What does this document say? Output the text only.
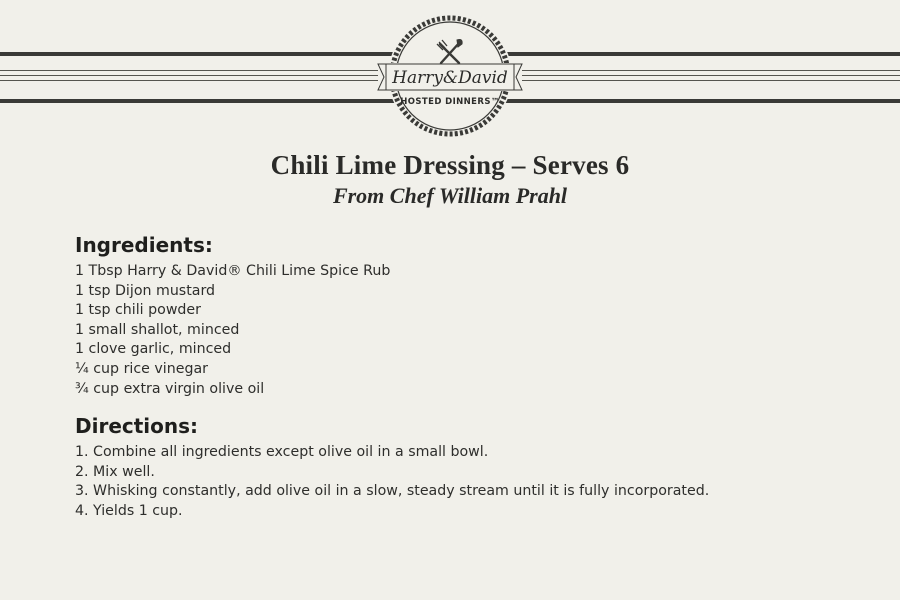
Harry&David
HOSTED DINNERS™
Chili Lime Dressing – Serves 6
From Chef William Prahl
Ingredients:
1 Tbsp Harry & David® Chili Lime Spice Rub
1 tsp Dijon mustard
1 tsp chili powder
1 small shallot, minced
1 clove garlic, minced
¼ cup rice vinegar
¾ cup extra virgin olive oil
Directions:
1. Combine all ingredients except olive oil in a small bowl.
2. Mix well.
3. Whisking constantly, add olive oil in a slow, steady stream until it is fully incorporated.
4. Yields 1 cup.
